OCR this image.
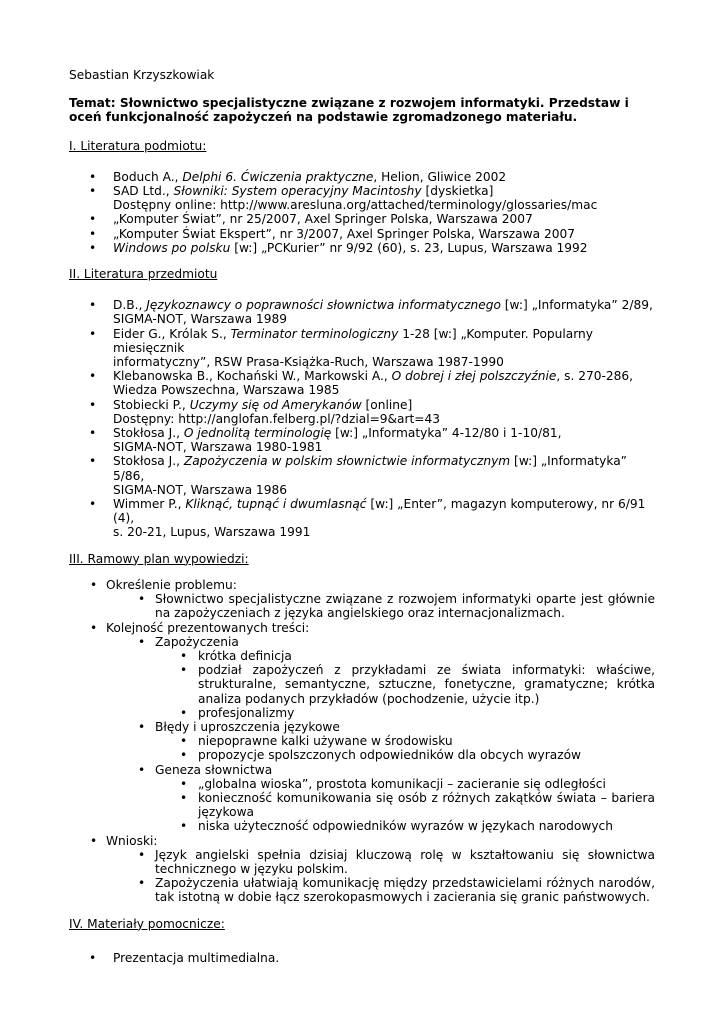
Sebastian Krzyszkowiak
Temat: Słownictwo specjalistyczne związane z rozwojem informatyki. Przedstaw i oceń funkcjonalność zapożyczeń na podstawie zgromadzonego materiału.
I. Literatura podmiotu:
• Boduch A., Delphi 6. Ćwiczenia praktyczne, Helion, Gliwice 2002
• SAD Ltd., Słowniki: System operacyjny Macintoshy [dyskietka]
Dostępny online: http://www.aresluna.org/attached/terminology/glossaries/mac
• „Komputer Świat”, nr 25/2007, Axel Springer Polska, Warszawa 2007
• „Komputer Świat Ekspert”, nr 3/2007, Axel Springer Polska, Warszawa 2007
• Windows po polsku [w:] „PCKurier” nr 9/92 (60), s. 23, Lupus, Warszawa 1992
II. Literatura przedmiotu
• D.B., Językoznawcy o poprawności słownictwa informatycznego [w:] „Informatyka” 2/89,
SIGMA-NOT, Warszawa 1989
• Eider G., Królak S., Terminator terminologiczny 1-28 [w:] „Komputer. Popularny miesięcznik
informatyczny”, RSW Prasa-Książka-Ruch, Warszawa 1987-1990
• Klebanowska B., Kochański W., Markowski A., O dobrej i złej polszczyźnie, s. 270-286,
Wiedza Powszechna, Warszawa 1985
• Stobiecki P., Uczymy się od Amerykanów [online]
Dostępny: http://anglofan.felberg.pl/?dzial=9&art=43
• Stokłosa J., O jednolitą terminologię [w:] „Informatyka” 4-12/80 i 1-10/81,
SIGMA-NOT, Warszawa 1980-1981
• Stokłosa J., Zapożyczenia w polskim słownictwie informatycznym [w:] „Informatyka” 5/86,
SIGMA-NOT, Warszawa 1986
• Wimmer P., Kliknąć, tupnąć i dwumlasnąć [w:] „Enter”, magazyn komputerowy, nr 6/91 (4),
s. 20-21, Lupus, Warszawa 1991
III. Ramowy plan wypowiedzi:
• Określenie problemu:
• Słownictwo specjalistyczne związane z rozwojem informatyki oparte jest głównie na zapożyczeniach z języka angielskiego oraz internacjonalizmach.
• Kolejność prezentowanych treści:
• Zapożyczenia
• krótka definicja
• podział zapożyczeń z przykładami ze świata informatyki: właściwe, strukturalne, semantyczne, sztuczne, fonetyczne, gramatyczne; krótka analiza podanych przykładów (pochodzenie, użycie itp.)
• profesjonalizmy
• Błędy i uproszczenia językowe
• niepoprawne kalki używane w środowisku
• propozycje spolszczonych odpowiedników dla obcych wyrazów
• Geneza słownictwa
• „globalna wioska”, prostota komunikacji – zacieranie się odległości
• konieczność komunikowania się osób z różnych zakątków świata – bariera językowa
• niska użyteczność odpowiedników wyrazów w językach narodowych
• Wnioski:
• Język angielski spełnia dzisiaj kluczową rolę w kształtowaniu się słownictwa technicznego w języku polskim.
• Zapożyczenia ułatwiają komunikację między przedstawicielami różnych narodów, tak istotną w dobie łącz szerokopasmowych i zacierania się granic państwowych.
IV. Materiały pomocnicze:
• Prezentacja multimedialna.
